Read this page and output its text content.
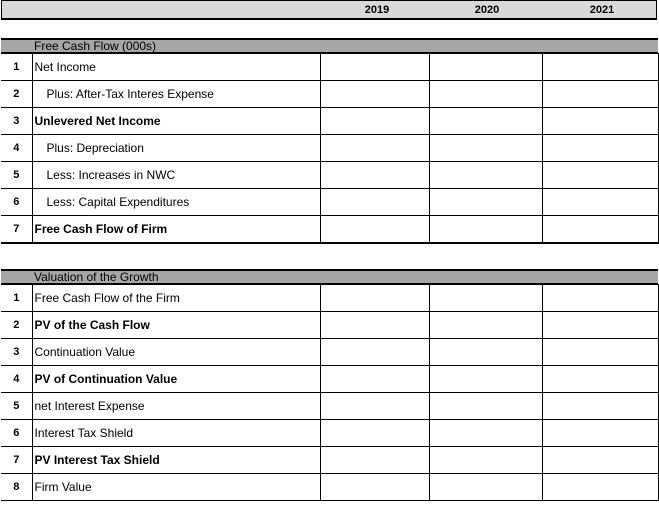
2019	2020	2021
Free Cash Flow (000s)
1	Net Income			
2	Plus: After-Tax Interes Expense			
3	Unlevered Net Income			
4	Plus: Depreciation			
5	Less: Increases in NWC			
6	Less: Capital Expenditures			
7	Free Cash Flow of Firm			
Valuation of the Growth
1	Free Cash Flow of the Firm			
2	PV of the Cash Flow			
3	Continuation Value			
4	PV of Continuation Value			
5	net Interest Expense			
6	Interest Tax Shield			
7	PV Interest Tax Shield			
8	Firm Value			
